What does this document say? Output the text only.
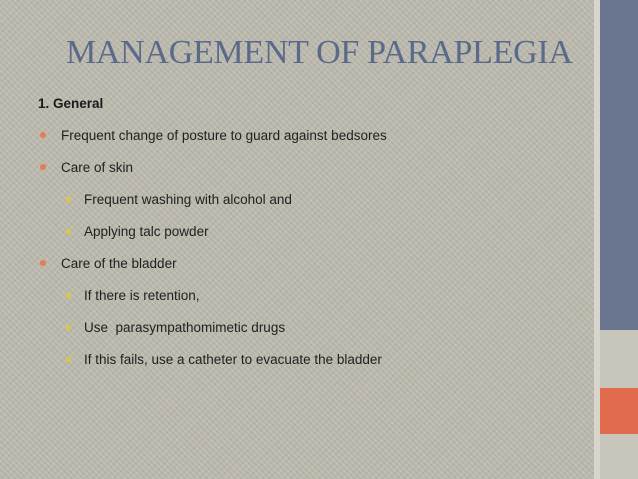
MANAGEMENT OF PARAPLEGIA
1. General
Frequent change of posture to guard against bedsores
Care of skin
Frequent washing with alcohol and
Applying talc powder
Care of the bladder
If there is retention,
Use  parasympathomimetic drugs
If this fails, use a catheter to evacuate the bladder
